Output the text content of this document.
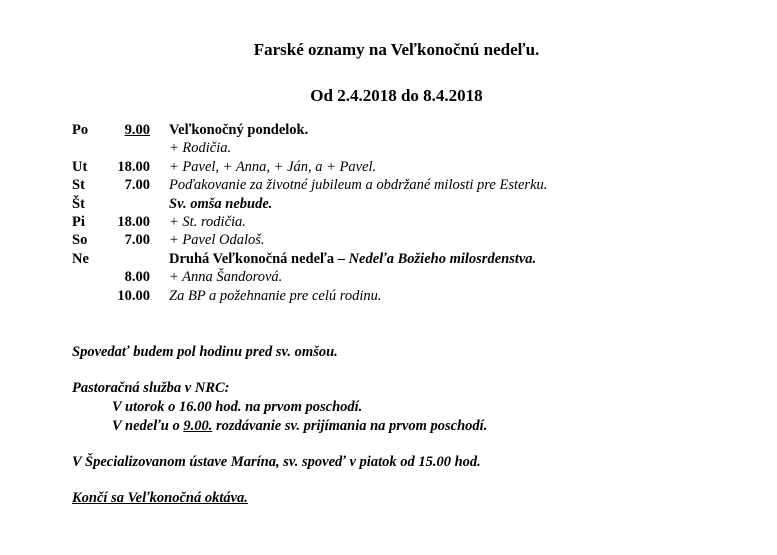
Farské oznamy na Veľkonočnú nedeľu.
Od 2.4.2018 do 8.4.2018
Po	9.00 Veľkonočný pondelok.
+ Rodičia.
Ut 18.00 + Pavel, + Anna, + Ján, a + Pavel.
St	7.00 Poďakovanie za životné jubileum a obdržané milosti pre Esterku.
Št	Sv. omša nebude.
Pi 18.00 + St. rodičia.
So	7.00 + Pavel Odaloš.
Ne	Druhá Veľkonočná nedeľa – Nedeľa Božieho milosrdenstva.
8.00 + Anna Šandorová.
10.00 Za BP a požehnanie pre celú rodinu.
Spovedať budem pol hodinu pred sv. omšou.
Pastoračná služba v NRC:
V utorok o 16.00 hod. na prvom poschodí.
V nedeľu o 9.00. rozdávanie sv. prijímania na prvom poschodí.
V Špecializovanom ústave Marína, sv. spoveď v piatok od 15.00 hod.
Končí sa Veľkonočná oktáva.
